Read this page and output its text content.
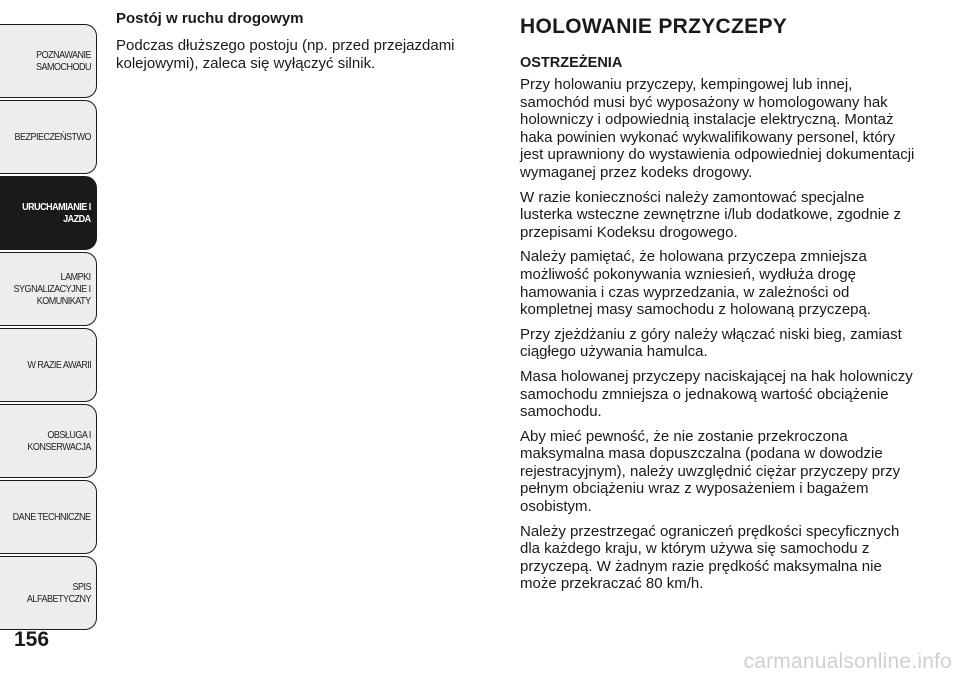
POZNAWANIE
SAMOCHODU
BEZPIECZEŃSTWO
URUCHAMIANIE I
JAZDA
LAMPKI
SYGNALIZACYJNE I
KOMUNIKATY
W RAZIE AWARII
OBSŁUGA I
KONSERWACJA
DANE TECHNICZNE
SPIS ALFABETYCZNY
156
Postój w ruchu drogowym

Podczas dłuższego postoju (np. przed przejazdami kolejowymi), zaleca się wyłączyć silnik.

HOLOWANIE PRZYCZEPY
OSTRZEŻENIA

Przy holowaniu przyczepy, kempingowej lub innej, samochód musi być wyposażony w homologowany hak holowniczy i odpowiednią instalacje elektryczną. Montaż haka powinien wykonać wykwalifikowany personel, który jest uprawniony do wystawienia odpowiedniej dokumentacji wymaganej przez kodeks drogowy.

W razie konieczności należy zamontować specjalne lusterka wsteczne zewnętrzne i/lub dodatkowe, zgodnie z przepisami Kodeksu drogowego.

Należy pamiętać, że holowana przyczepa zmniejsza możliwość pokonywania wzniesień, wydłuża drogę hamowania i czas wyprzedzania, w zależności od kompletnej masy samochodu z holowaną przyczepą.

Przy zjeżdżaniu z góry należy włączać niski bieg, zamiast ciągłego używania hamulca.

Masa holowanej przyczepy naciskającej na hak holowniczy samochodu zmniejsza o jednakową wartość obciążenie samochodu.

Aby mieć pewność, że nie zostanie przekroczona maksymalna masa dopuszczalna (podana w dowodzie rejestracyjnym), należy uwzględnić ciężar przyczepy przy pełnym obciążeniu wraz z wyposażeniem i bagażem osobistym.

Należy przestrzegać ograniczeń prędkości specyficznych dla każdego kraju, w którym używa się samochodu z przyczepą. W żadnym razie prędkość maksymalna nie może przekraczać 80 km/h.

carmanualsonline.info
